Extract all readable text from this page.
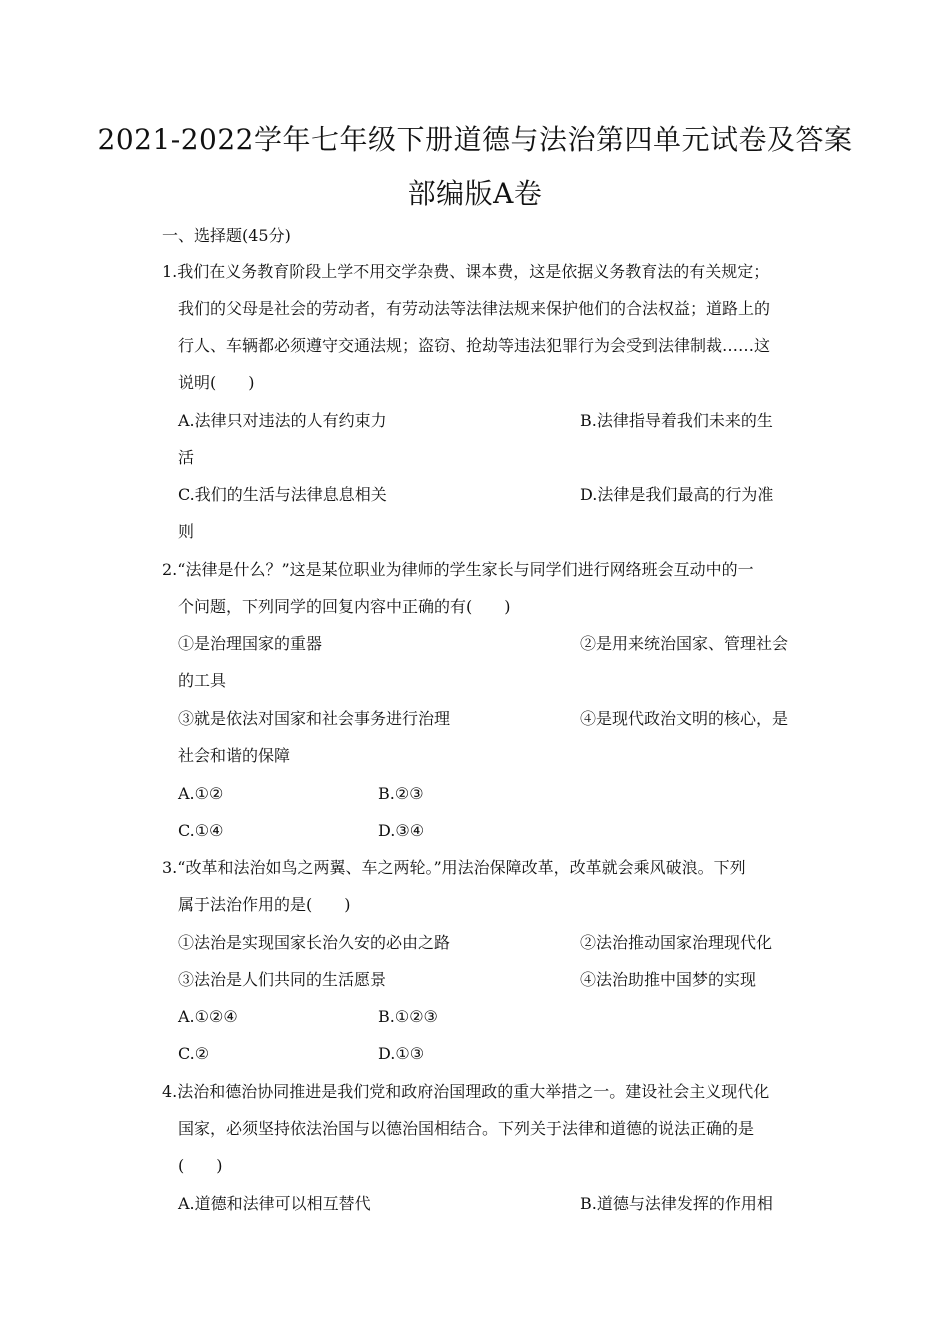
2021-2022学年七年级下册道德与法治第四单元试卷及答案
部编版A卷
一、选择题(45分)
1.我们在义务教育阶段上学不用交学杂费、课本费，这是依据义务教育法的有关规定；
我们的父母是社会的劳动者，有劳动法等法律法规来保护他们的合法权益；道路上的
行人、车辆都必须遵守交通法规；盗窃、抢劫等违法犯罪行为会受到法律制裁……这
说明(　　)
A.法律只对违法的人有约束力	B.法律指导着我们未来的生
活
C.我们的生活与法律息息相关	D.法律是我们最高的行为准
则
2.“法律是什么？”这是某位职业为律师的学生家长与同学们进行网络班会互动中的一
个问题，下列同学的回复内容中正确的有(　　)
①是治理国家的重器	②是用来统治国家、管理社会
的工具
③就是依法对国家和社会事务进行治理	④是现代政治文明的核心，是
社会和谐的保障
A.①②	B.②③
C.①④	D.③④
3.“改革和法治如鸟之两翼、车之两轮。”用法治保障改革，改革就会乘风破浪。下列
属于法治作用的是(　　)
①法治是实现国家长治久安的必由之路	②法治推动国家治理现代化
③法治是人们共同的生活愿景	④法治助推中国梦的实现
A.①②④	B.①②③
C.②	D.①③
4.法治和德治协同推进是我们党和政府治国理政的重大举措之一。建设社会主义现代化
国家，必须坚持依法治国与以德治国相结合。下列关于法律和道德的说法正确的是
(　　)
A.道德和法律可以相互替代	B.道德与法律发挥的作用相
